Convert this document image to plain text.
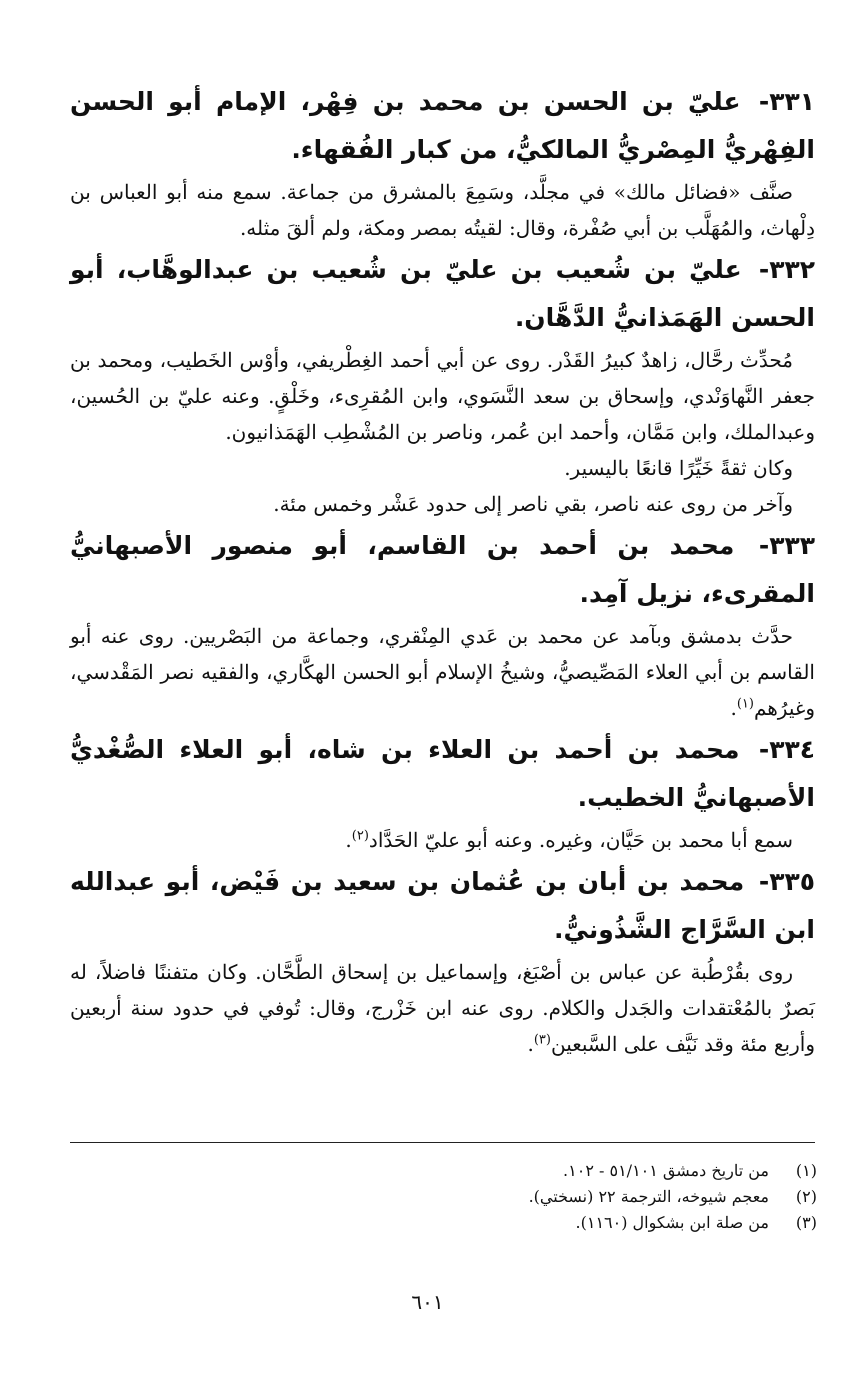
٣٣١- عليّ بن الحسن بن محمد بن فِهْر، الإمام أبو الحسن الفِهْريُّ المِصْريُّ المالكيُّ، من كبار الفُقهاء.

صنَّف «فضائل مالك» في مجلَّد، وسَمِعَ بالمشرق من جماعة. سمع منه أبو العباس بن دِلْهاث، والمُهَلَّب بن أبي صُفْرة، وقال: لقيتُه بمصر ومكة، ولم ألقَ مثله.

٣٣٢- عليّ بن شُعيب بن عليّ بن شُعيب بن عبدالوهَّاب، أبو الحسن الهَمَذانيُّ الدَّهَّان.

مُحدِّث رحَّال، زاهدٌ كبيرُ القَدْر. روى عن أبي أحمد الغِطْريفي، وأوْس الخَطيب، ومحمد بن جعفر النَّهاوَنْدي، وإسحاق بن سعد النَّسَوي، وابن المُقرِىء، وخَلْقٍ. وعنه عليّ بن الحُسين، وعبدالملك، وابن مَمَّان، وأحمد ابن عُمر، وناصر بن المُشْطِب الهَمَذانيون.

وكان ثقةً خَيِّرًا قانعًا باليسير.

وآخر من روى عنه ناصر، بقي ناصر إلى حدود عَشْر وخمس مئة.

٣٣٣- محمد بن أحمد بن القاسم، أبو منصور الأصبهانيُّ المقرىء، نزيل آمِد.

حدَّث بدمشق وبآمد عن محمد بن عَدي المِنْقري، وجماعة من البَصْريين. روى عنه أبو القاسم بن أبي العلاء المَصِّيصيُّ، وشيخُ الإسلام أبو الحسن الهكَّاري، والفقيه نصر المَقْدسي، وغيرُهم$^{(١)}$.

٣٣٤- محمد بن أحمد بن العلاء بن شاه، أبو العلاء الصُّغْديُّ الأصبهانيُّ الخطيب.

سمع أبا محمد بن حَيَّان، وغيره. وعنه أبو عليّ الحَدَّاد$^{(٢)}$.

٣٣٥- محمد بن أبان بن عُثمان بن سعيد بن فَيْض، أبو عبدالله ابن السَّرَّاج الشَّذُونيُّ.

روى بقُرْطُبة عن عباس بن أصْبَغ، وإسماعيل بن إسحاق الطَّحَّان. وكان متفننًا فاضلاً، له بَصرٌ بالمُعْتقدات والجَدل والكلام. روى عنه ابن خَزْرج، وقال: تُوفي في حدود سنة أربعين وأربع مئة وقد نَيَّف على السَّبعين$^{(٣)}$.

(١)من تاريخ دمشق ٥١/١٠١ - ١٠٢.

(٢)معجم شيوخه، الترجمة ٢٢ (نسختي).

(٣)من صلة ابن بشكوال (١١٦٠).

٦٠١
